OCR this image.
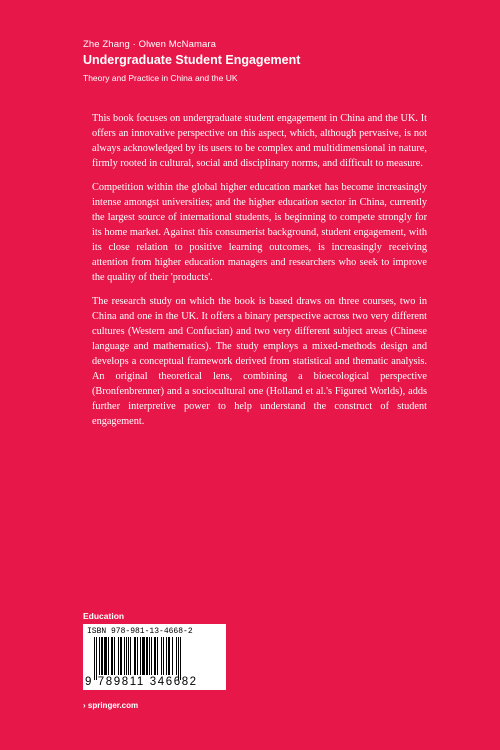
Zhe Zhang · Olwen McNamara
Undergraduate Student Engagement
Theory and Practice in China and the UK

This book focuses on undergraduate student engagement in China and the UK. It offers an innovative perspective on this aspect, which, although pervasive, is not always acknowledged by its users to be complex and multidimensional in nature, firmly rooted in cultural, social and disciplinary norms, and difficult to measure.

Competition within the global higher education market has become increasingly intense amongst universities; and the higher education sector in China, currently the largest source of international students, is beginning to compete strongly for its home market. Against this consumerist background, student engagement, with its close relation to positive learning outcomes, is increasingly receiving attention from higher education managers and researchers who seek to improve the quality of their 'products'.

The research study on which the book is based draws on three courses, two in China and one in the UK. It offers a binary perspective across two very different cultures (Western and Confucian) and two very different subject areas (Chinese language and mathematics). The study employs a mixed-methods design and develops a conceptual framework derived from statistical and thematic analysis. An original theoretical lens, combining a bioecological perspective (Bronfenbrenner) and a sociocultural one (Holland et al.'s Figured Worlds), adds further interpretive power to help understand the construct of student engagement.

Education
ISBN 978-981-13-4668-2
9 789811 346682
› springer.com
